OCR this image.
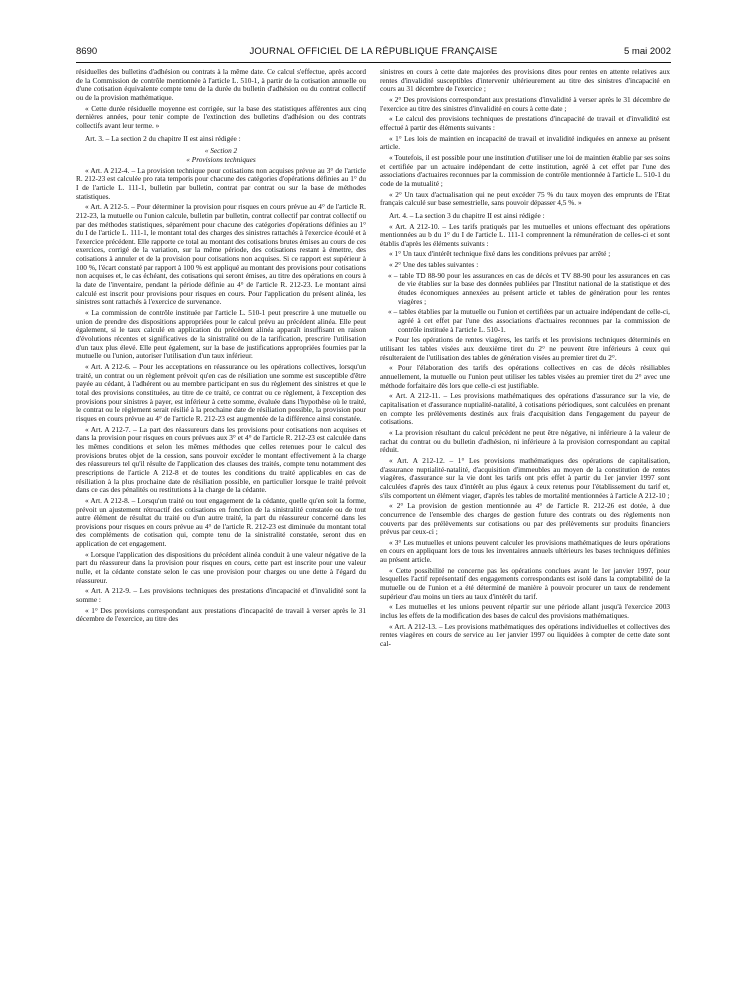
8690	JOURNAL OFFICIEL DE LA RÉPUBLIQUE FRANÇAISE	5 mai 2002

résiduelles des bulletins d'adhésion ou contrats à la même date. Ce calcul s'effectue, après accord de la Commission de contrôle mentionnée à l'article L. 510-1, à partir de la cotisation annuelle ou d'une cotisation équivalente compte tenu de la durée du bulletin d'adhésion ou du contrat collectif ou de la provision mathématique.

« Cette durée résiduelle moyenne est corrigée, sur la base des statistiques afférentes aux cinq dernières années, pour tenir compte de l'extinction des bulletins d'adhésion ou des contrats collectifs avant leur terme. »

Art. 3. – La section 2 du chapitre II est ainsi rédigée :

« Section 2

« Provisions techniques

« Art. A 212-4. – La provision technique pour cotisations non acquises prévue au 3° de l'article R. 212-23 est calculée pro rata temporis pour chacune des catégories d'opérations définies au 1° du I de l'article L. 111-1, bulletin par bulletin, contrat par contrat ou sur la base de méthodes statistiques.

« Art. A 212-5. – Pour déterminer la provision pour risques en cours prévue au 4° de l'article R. 212-23, la mutuelle ou l'union calcule, bulletin par bulletin, contrat collectif par contrat collectif ou par des méthodes statistiques, séparément pour chacune des catégories d'opérations définies au 1° du I de l'article L. 111-1, le montant total des charges des sinistres rattachés à l'exercice écoulé et à l'exercice précédent. Elle rapporte ce total au montant des cotisations brutes émises au cours de ces exercices, corrigé de la variation, sur la même période, des cotisations restant à émettre, des cotisations à annuler et de la provision pour cotisations non acquises. Si ce rapport est supérieur à 100 %, l'écart constaté par rapport à 100 % est appliqué au montant des provisions pour cotisations non acquises et, le cas échéant, des cotisations qui seront émises, au titre des opérations en cours à la date de l'inventaire, pendant la période définie au 4° de l'article R. 212-23. Le montant ainsi calculé est inscrit pour provisions pour risques en cours. Pour l'application du présent alinéa, les sinistres sont rattachés à l'exercice de survenance.

« La commission de contrôle instituée par l'article L. 510-1 peut prescrire à une mutuelle ou union de prendre des dispositions appropriées pour le calcul prévu au précédent alinéa. Elle peut également, si le taux calculé en application du précédent alinéa apparaît insuffisant en raison d'évolutions récentes et significatives de la sinistralité ou de la tarification, prescrire l'utilisation d'un taux plus élevé. Elle peut également, sur la base de justifications appropriées fournies par la mutuelle ou l'union, autoriser l'utilisation d'un taux inférieur.

« Art. A 212-6. – Pour les acceptations en réassurance ou les opérations collectives, lorsqu'un traité, un contrat ou un règlement prévoit qu'en cas de résiliation une somme est susceptible d'être payée au cédant, à l'adhérent ou au membre participant en sus du règlement des sinistres et que le total des provisions constituées, au titre de ce traité, ce contrat ou ce règlement, à l'exception des provisions pour sinistres à payer, est inférieur à cette somme, évaluée dans l'hypothèse où le traité, le contrat ou le règlement serait résilié à la prochaine date de résiliation possible, la provision pour risques en cours prévue au 4° de l'article R. 212-23 est augmentée de la différence ainsi constatée.

« Art. A 212-7. – La part des réassureurs dans les provisions pour cotisations non acquises et dans la provision pour risques en cours prévues aux 3° et 4° de l'article R. 212-23 est calculée dans les mêmes conditions et selon les mêmes méthodes que celles retenues pour le calcul des provisions brutes objet de la cession, sans pouvoir excéder le montant effectivement à la charge des réassureurs tel qu'il résulte de l'application des clauses des traités, compte tenu notamment des prescriptions de l'article A 212-8 et de toutes les conditions du traité applicables en cas de résiliation à la plus prochaine date de résiliation possible, en particulier lorsque le traité prévoit dans ce cas des pénalités ou restitutions à la charge de la cédante.

« Art. A 212-8. – Lorsqu'un traité ou tout engagement de la cédante, quelle qu'en soit la forme, prévoit un ajustement rétroactif des cotisations en fonction de la sinistralité constatée ou de tout autre élément de résultat du traité ou d'un autre traité, la part du réassureur concerné dans les provisions pour risques en cours prévue au 4° de l'article R. 212-23 est diminuée du montant total des compléments de cotisation qui, compte tenu de la sinistralité constatée, seront dus en application de cet engagement.

« Lorsque l'application des dispositions du précédent alinéa conduit à une valeur négative de la part du réassureur dans la provision pour risques en cours, cette part est inscrite pour une valeur nulle, et la cédante constate selon le cas une provision pour charges ou une dette à l'égard du réassureur.

« Art. A 212-9. – Les provisions techniques des prestations d'incapacité et d'invalidité sont la somme :

« 1° Des provisions correspondant aux prestations d'incapacité de travail à verser après le 31 décembre de l'exercice, au titre des

sinistres en cours à cette date majorées des provisions dites pour rentes en attente relatives aux rentes d'invalidité susceptibles d'intervenir ultérieurement au titre des sinistres d'incapacité en cours au 31 décembre de l'exercice ;

« 2° Des provisions correspondant aux prestations d'invalidité à verser après le 31 décembre de l'exercice au titre des sinistres d'invalidité en cours à cette date ;

« Le calcul des provisions techniques de prestations d'incapacité de travail et d'invalidité est effectué à partir des éléments suivants :

« 1° Les lois de maintien en incapacité de travail et invalidité indiquées en annexe au présent article.

« Toutefois, il est possible pour une institution d'utiliser une loi de maintien établie par ses soins et certifiée par un actuaire indépendant de cette institution, agréé à cet effet par l'une des associations d'actuaires reconnues par la commission de contrôle mentionnée à l'article L. 510-1 du code de la mutualité ;

« 2° Un taux d'actualisation qui ne peut excéder 75 % du taux moyen des emprunts de l'Etat français calculé sur base semestrielle, sans pouvoir dépasser 4,5 %. »

Art. 4. – La section 3 du chapitre II est ainsi rédigée :

« Art. A 212-10. – Les tarifs pratiqués par les mutuelles et unions effectuant des opérations mentionnées au b du 1° du I de l'article L. 111-1 comprennent la rémunération de celles-ci et sont établis d'après les éléments suivants :

« 1° Un taux d'intérêt technique fixé dans les conditions prévues par arrêté ;

« 2° Une des tables suivantes :

« – table TD 88-90 pour les assurances en cas de décès et TV 88-90 pour les assurances en cas de vie établies sur la base des données publiées par l'Institut national de la statistique et des études économiques annexées au présent article et tables de génération pour les rentes viagères ;

« – tables établies par la mutuelle ou l'union et certifiées par un actuaire indépendant de celle-ci, agréé à cet effet par l'une des associations d'actuaires reconnues par la commission de contrôle instituée à l'article L. 510-1.

« Pour les opérations de rentes viagères, les tarifs et les provisions techniques déterminés en utilisant les tables visées aux deuxième tiret du 2° ne peuvent être inférieurs à ceux qui résulteraient de l'utilisation des tables de génération visées au premier tiret du 2°.

« Pour l'élaboration des tarifs des opérations collectives en cas de décès résiliables annuellement, la mutuelle ou l'union peut utiliser les tables visées au premier tiret du 2° avec une méthode forfaitaire dès lors que celle-ci est justifiable.

« Art. A 212-11. – Les provisions mathématiques des opérations d'assurance sur la vie, de capitalisation et d'assurance nuptialité-natalité, à cotisations périodiques, sont calculées en prenant en compte les prélèvements destinés aux frais d'acquisition dans l'engagement du payeur de cotisations.

« La provision résultant du calcul précédent ne peut être négative, ni inférieure à la valeur de rachat du contrat ou du bulletin d'adhésion, ni inférieure à la provision correspondant au capital réduit.

« Art. A 212-12. – 1° Les provisions mathématiques des opérations de capitalisation, d'assurance nuptialité-natalité, d'acquisition d'immeubles au moyen de la constitution de rentes viagères, d'assurance sur la vie dont les tarifs ont pris effet à partir du 1er janvier 1997 sont calculées d'après des taux d'intérêt au plus égaux à ceux retenus pour l'établissement du tarif et, s'ils comportent un élément viager, d'après les tables de mortalité mentionnées à l'article A 212-10 ;

« 2° La provision de gestion mentionnée au 4° de l'article R. 212-26 est dotée, à due concurrence de l'ensemble des charges de gestion future des contrats ou des règlements non couverts par des prélèvements sur cotisations ou par des prélèvements sur produits financiers prévus par ceux-ci ;

« 3° Les mutuelles et unions peuvent calculer les provisions mathématiques de leurs opérations en cours en appliquant lors de tous les inventaires annuels ultérieurs les bases techniques définies au présent article.

« Cette possibilité ne concerne pas les opérations conclues avant le 1er janvier 1997, pour lesquelles l'actif représentatif des engagements correspondants est isolé dans la comptabilité de la mutuelle ou de l'union et a été déterminé de manière à pouvoir procurer un taux de rendement supérieur d'au moins un tiers au taux d'intérêt du tarif.

« Les mutuelles et les unions peuvent répartir sur une période allant jusqu'à l'exercice 2003 inclus les effets de la modification des bases de calcul des provisions mathématiques.

« Art. A 212-13. – Les provisions mathématiques des opérations individuelles et collectives des rentes viagères en cours de service au 1er janvier 1997 ou liquidées à compter de cette date sont cal-
